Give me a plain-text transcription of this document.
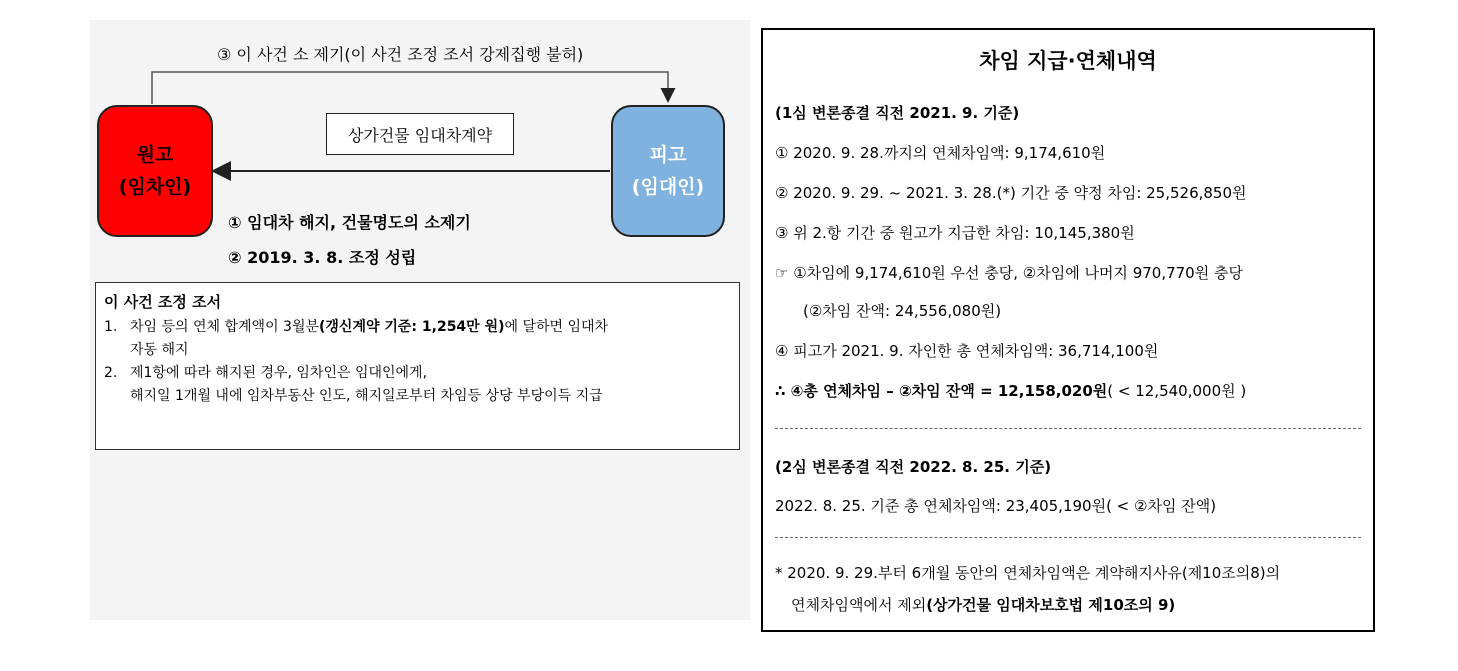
③ 이 사건 소 제기(이 사건 조정 조서 강제집행 불허)
원고
(임차인)
피고
(임대인)
상가건물 임대차계약
① 임대차 해지, 건물명도의 소제기
② 2019. 3. 8. 조정 성립
이 사건 조정 조서
1. 차임 등의 연체 합계액이 3월분(갱신계약 기준: 1,254만 원)에 달하면 임대차
자동 해지
2. 제1항에 따라 해지된 경우, 임차인은 임대인에게,
해지일 1개월 내에 임차부동산 인도, 해지일로부터 차임등 상당 부당이득 지급
차임 지급·연체내역
(1심 변론종결 직전 2021. 9. 기준)
① 2020. 9. 28.까지의 연체차임액: 9,174,610원
② 2020. 9. 29. ~ 2021. 3. 28.(*) 기간 중 약정 차임: 25,526,850원
③ 위 2.항 기간 중 원고가 지급한 차임: 10,145,380원
☞ ①차임에 9,174,610원 우선 충당, ②차임에 나머지 970,770원 충당
(②차임 잔액: 24,556,080원)
④ 피고가 2021. 9. 자인한 총 연체차임액: 36,714,100원
∴ ④총 연체차임 – ②차임 잔액 = 12,158,020원( < 12,540,000원 )
(2심 변론종결 직전 2022. 8. 25. 기준)
2022. 8. 25. 기준 총 연체차임액: 23,405,190원( < ②차임 잔액)
* 2020. 9. 29.부터 6개월 동안의 연체차임액은 계약해지사유(제10조의8)의
연체차임액에서 제외(상가건물 임대차보호법 제10조의 9)
